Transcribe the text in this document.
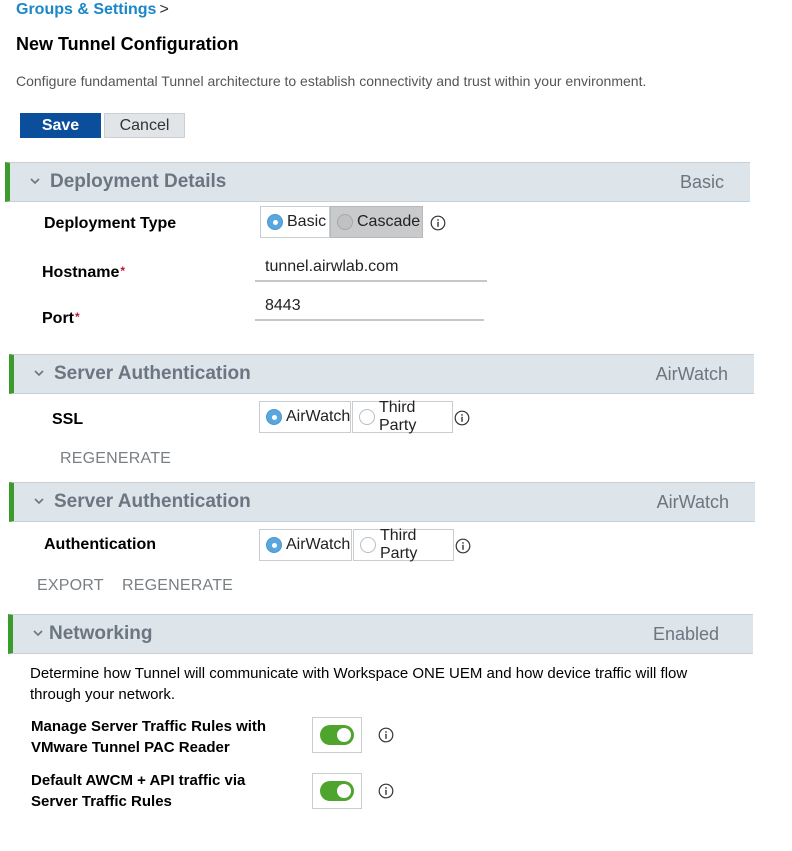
Groups & Settings >
New Tunnel Configuration
Configure fundamental Tunnel architecture to establish connectivity and trust within your environment.
Save	Cancel
Deployment Details	Basic
Deployment Type	Basic Cascade
Hostname*
tunnel.airwlab.com
Port*
8443
Server Authentication	AirWatch
SSL	AirWatch
Third Party
REGENERATE
Server Authentication	AirWatch
Authentication	AirWatch
Third Party
EXPORT REGENERATE
Networking	Enabled
Determine how Tunnel will communicate with Workspace ONE UEM and how device traffic will flow through your network.
Manage Server Traffic Rules with
VMware Tunnel PAC Reader
Default AWCM + API traffic via
Server Traffic Rules
